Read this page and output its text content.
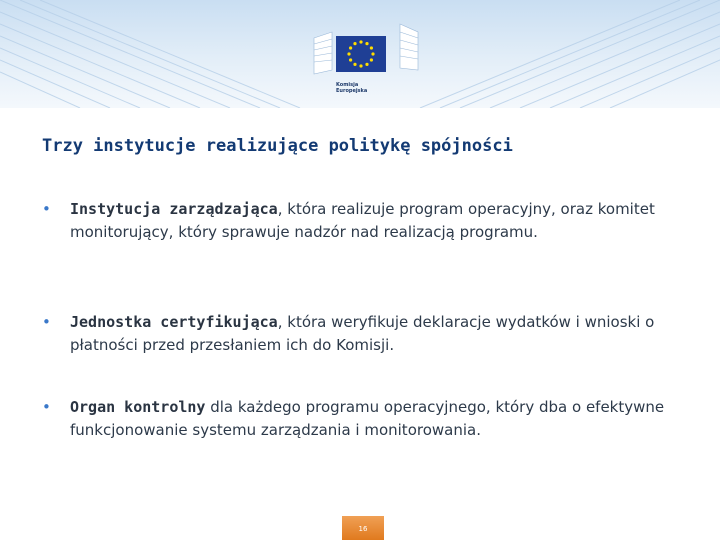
Komisja
Europejska
Trzy instytucje realizujące politykę spójności
•	Instytucja zarządzająca, która realizuje program operacyjny, oraz komitet monitorujący, który sprawuje nadzór nad realizacją programu.
•	Jednostka certyfikująca, która weryfikuje deklaracje wydatków i wnioski o płatności przed przesłaniem ich do Komisji.
•	Organ kontrolny dla każdego programu operacyjnego, który dba o efektywne funkcjonowanie systemu zarządzania i monitorowania.
16
